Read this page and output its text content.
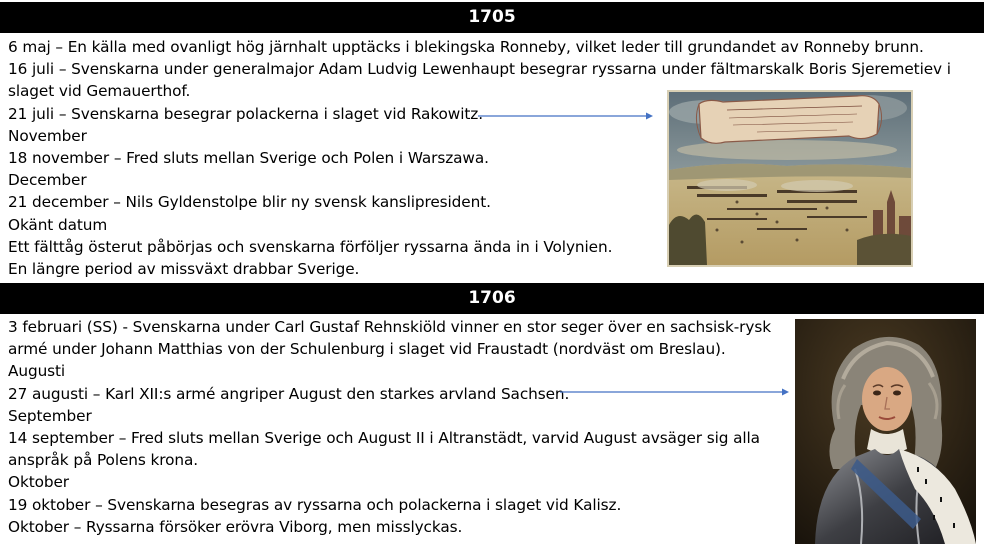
1705
6 maj – En källa med ovanligt hög järnhalt upptäcks i blekingska Ronneby, vilket leder till grundandet av Ronneby brunn.
16 juli – Svenskarna under generalmajor Adam Ludvig Lewenhaupt besegrar ryssarna under fältmarskalk Boris Sjeremetiev i
slaget vid Gemauerthof.
21 juli – Svenskarna besegrar polackerna i slaget vid Rakowitz.
November
18 november – Fred sluts mellan Sverige och Polen i Warszawa.
December
21 december – Nils Gyldenstolpe blir ny svensk kanslipresident.
Okänt datum
Ett fälttåg österut påbörjas och svenskarna förföljer ryssarna ända in i Volynien.
En längre period av missväxt drabbar Sverige.
1706
3 februari (SS) - Svenskarna under Carl Gustaf Rehnskiöld vinner en stor seger över en sachsisk-rysk
armé under Johann Matthias von der Schulenburg i slaget vid Fraustadt (nordväst om Breslau).
Augusti
27 augusti – Karl XII:s armé angriper August den starkes arvland Sachsen.
September
14 september – Fred sluts mellan Sverige och August II i Altranstädt, varvid August avsäger sig alla
anspråk på Polens krona.
Oktober
19 oktober – Svenskarna besegras av ryssarna och polackerna i slaget vid Kalisz.
Oktober – Ryssarna försöker erövra Viborg, men misslyckas.
